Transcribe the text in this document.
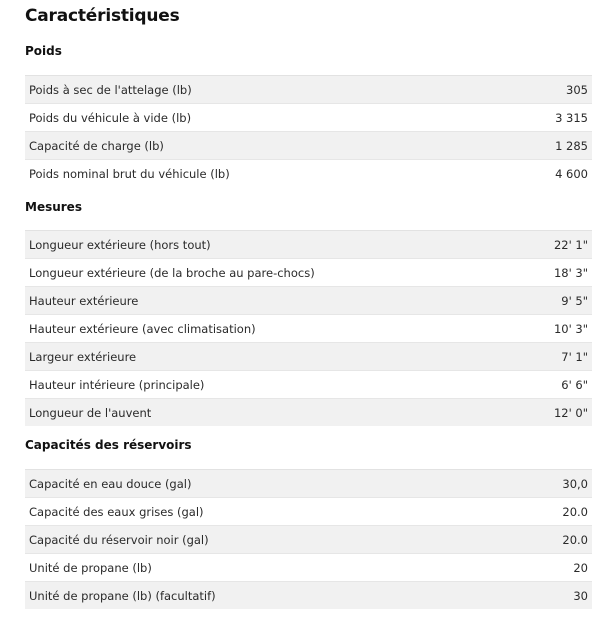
Caractéristiques
Poids
Poids à sec de l'attelage (lb)	305
Poids du véhicule à vide (lb)	3 315
Capacité de charge (lb)	1 285
Poids nominal brut du véhicule (lb)	4 600
Mesures
Longueur extérieure (hors tout)	22' 1"
Longueur extérieure (de la broche au pare-chocs)	18' 3"
Hauteur extérieure	9' 5"
Hauteur extérieure (avec climatisation)	10' 3"
Largeur extérieure	7' 1"
Hauteur intérieure (principale)	6' 6"
Longueur de l'auvent	12' 0"
Capacités des réservoirs
Capacité en eau douce (gal)	30,0
Capacité des eaux grises (gal)	20.0
Capacité du réservoir noir (gal)	20.0
Unité de propane (lb)	20
Unité de propane (lb) (facultatif)	30
